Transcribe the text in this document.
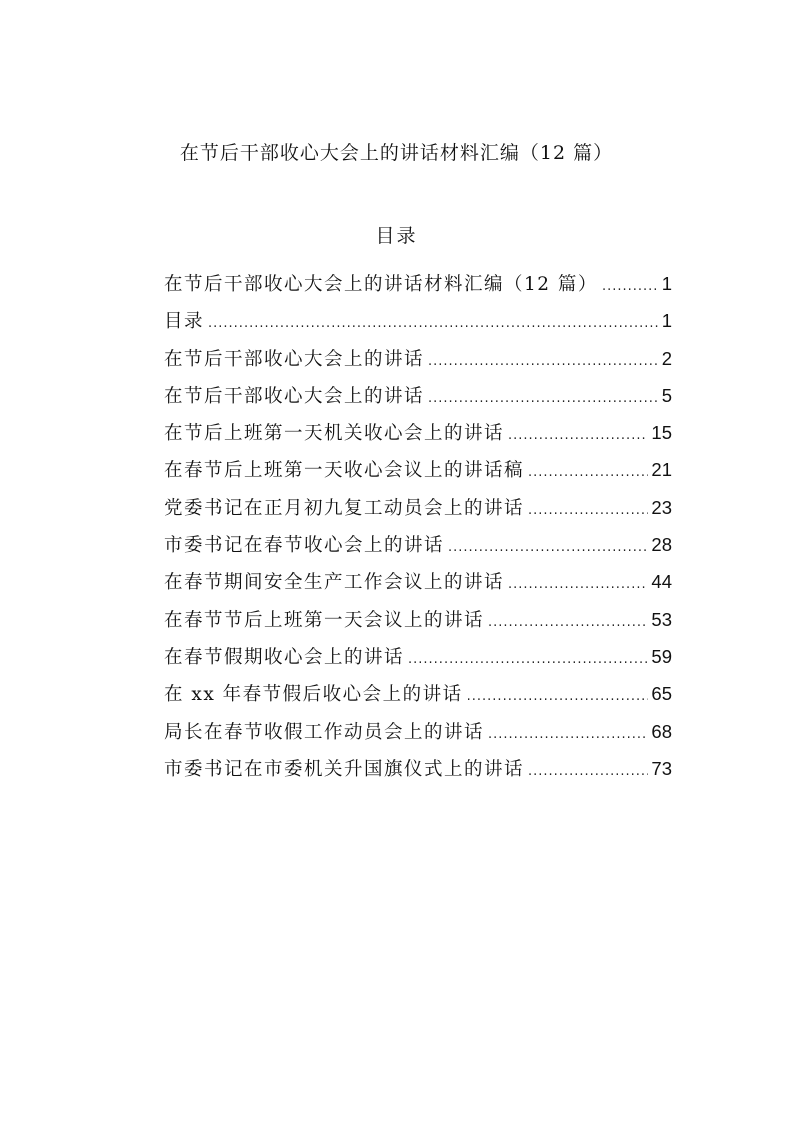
在节后干部收心大会上的讲话材料汇编（12 篇）
目录
在节后干部收心大会上的讲话材料汇编（12 篇） .....	1
目录 .....	1
在节后干部收心大会上的讲话 .....	2
在节后干部收心大会上的讲话 .....	5
在节后上班第一天机关收心会上的讲话 .....	15
在春节后上班第一天收心会议上的讲话稿 .....	21
党委书记在正月初九复工动员会上的讲话 .....	23
市委书记在春节收心会上的讲话 .....	28
在春节期间安全生产工作会议上的讲话 .....	44
在春节节后上班第一天会议上的讲话 .....	53
在春节假期收心会上的讲话 .....	59
在 xx 年春节假后收心会上的讲话 .....	65
局长在春节收假工作动员会上的讲话 .....	68
市委书记在市委机关升国旗仪式上的讲话 .....	73
